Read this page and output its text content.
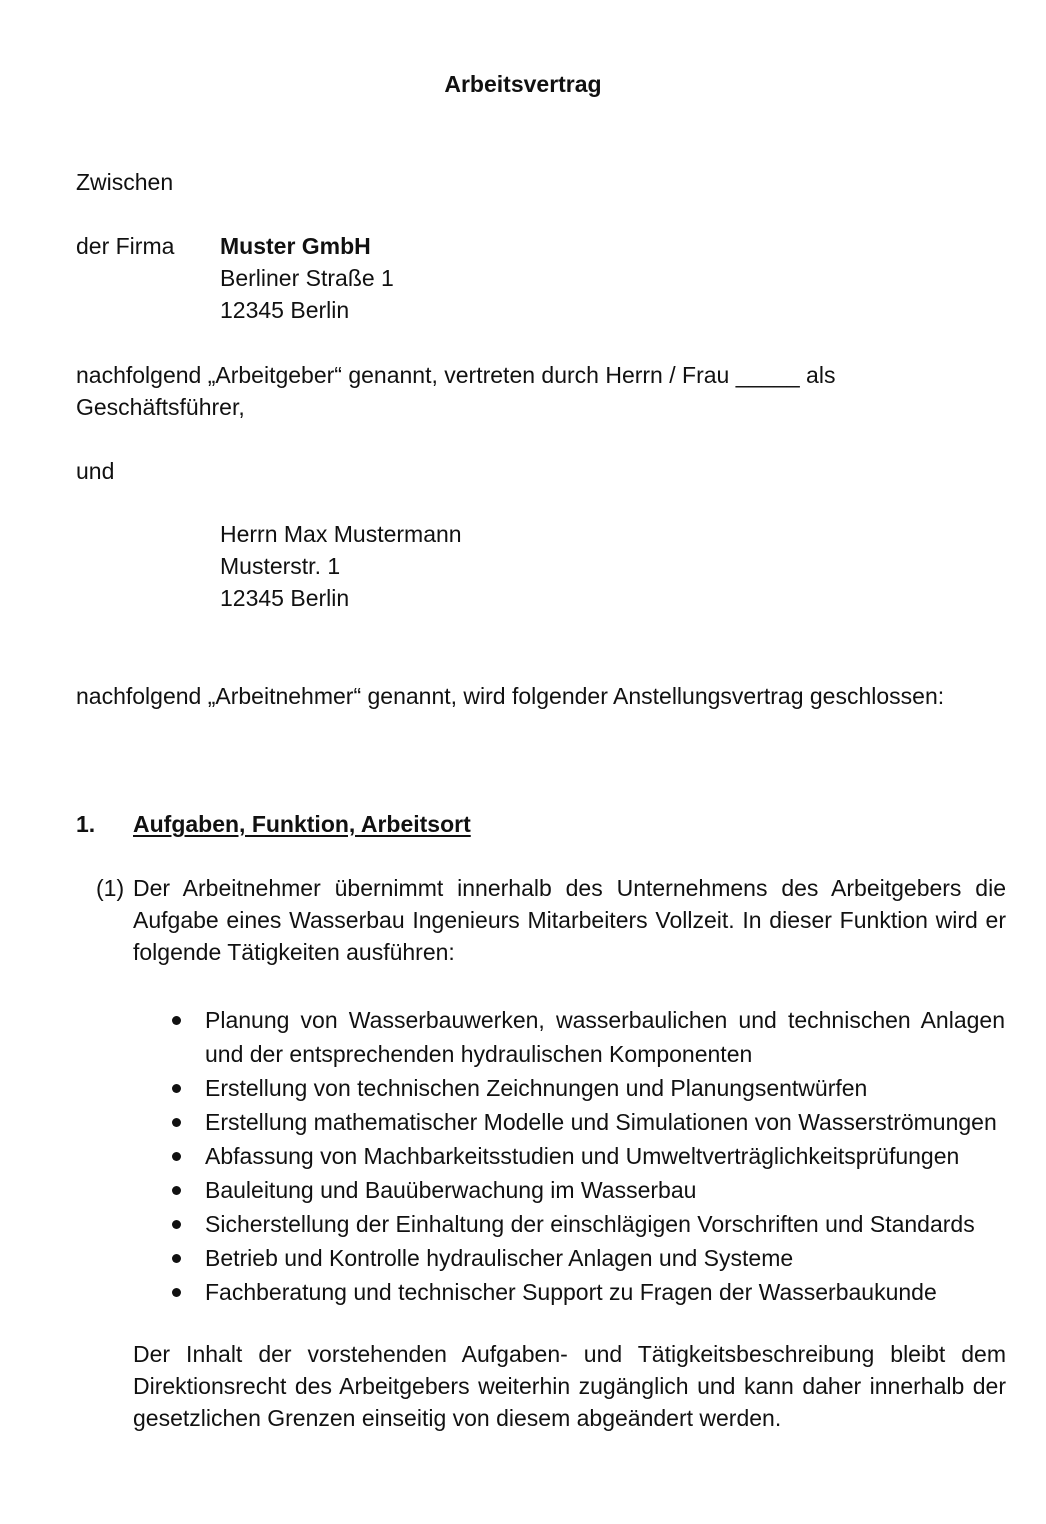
Arbeitsvertrag
Zwischen
der Firma Muster GmbH
Berliner Straße 1
12345 Berlin
nachfolgend „Arbeitgeber“ genannt, vertreten durch Herrn / Frau _____ als
Geschäftsführer,
und
Herrn Max Mustermann
Musterstr. 1
12345 Berlin
nachfolgend „Arbeitnehmer“ genannt, wird folgender Anstellungsvertrag geschlossen:
1. Aufgaben, Funktion, Arbeitsort
(1) Der Arbeitnehmer übernimmt innerhalb des Unternehmens des Arbeitgebers die
Aufgabe eines Wasserbau Ingenieurs Mitarbeiters Vollzeit. In dieser Funktion wird er
folgende Tätigkeiten ausführen:
Planung von Wasserbauwerken, wasserbaulichen und technischen Anlagen
und der entsprechenden hydraulischen Komponenten
Erstellung von technischen Zeichnungen und Planungsentwürfen
Erstellung mathematischer Modelle und Simulationen von Wasserströmungen
Abfassung von Machbarkeitsstudien und Umweltverträglichkeitsprüfungen
Bauleitung und Bauüberwachung im Wasserbau
Sicherstellung der Einhaltung der einschlägigen Vorschriften und Standards
Betrieb und Kontrolle hydraulischer Anlagen und Systeme
Fachberatung und technischer Support zu Fragen der Wasserbaukunde
Der Inhalt der vorstehenden Aufgaben- und Tätigkeitsbeschreibung bleibt dem
Direktionsrecht des Arbeitgebers weiterhin zugänglich und kann daher innerhalb der
gesetzlichen Grenzen einseitig von diesem abgeändert werden.
